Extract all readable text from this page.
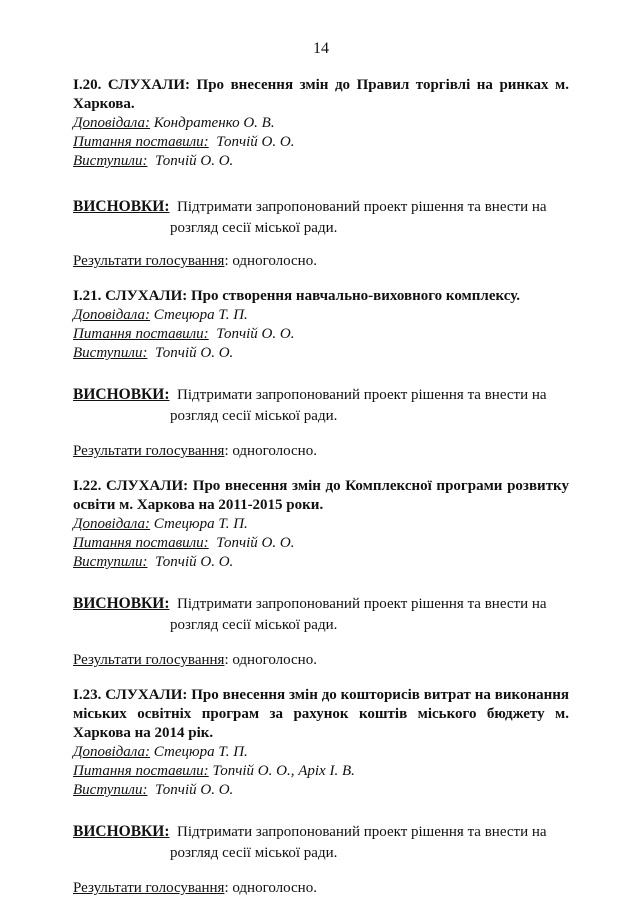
14
І.20. СЛУХАЛИ: Про внесення змін до Правил торгівлі на ринках м. Харкова.
Доповідала: Кондратенко О. В.
Питання поставили: Топчій О. О.
Виступили: Топчій О. О.
ВИСНОВКИ: Підтримати запропонований проект рішення та внести на
розгляд сесії міської ради.
Результати голосування: одноголосно.
І.21. СЛУХАЛИ: Про створення навчально-виховного комплексу.
Доповідала: Стецюра Т. П.
Питання поставили: Топчій О. О.
Виступили: Топчій О. О.
ВИСНОВКИ: Підтримати запропонований проект рішення та внести на
розгляд сесії міської ради.
Результати голосування: одноголосно.
І.22. СЛУХАЛИ: Про внесення змін до Комплексної програми розвитку освіти м. Харкова на 2011-2015 роки.
Доповідала: Стецюра Т. П.
Питання поставили: Топчій О. О.
Виступили: Топчій О. О.
ВИСНОВКИ: Підтримати запропонований проект рішення та внести на
розгляд сесії міської ради.
Результати голосування: одноголосно.
І.23. СЛУХАЛИ: Про внесення змін до кошторисів витрат на виконання міських освітніх програм за рахунок коштів міського бюджету м. Харкова на 2014 рік.
Доповідала: Стецюра Т. П.
Питання поставили: Топчій О. О., Аріх І. В.
Виступили: Топчій О. О.
ВИСНОВКИ: Підтримати запропонований проект рішення та внести на
розгляд сесії міської ради.
Результати голосування: одноголосно.
